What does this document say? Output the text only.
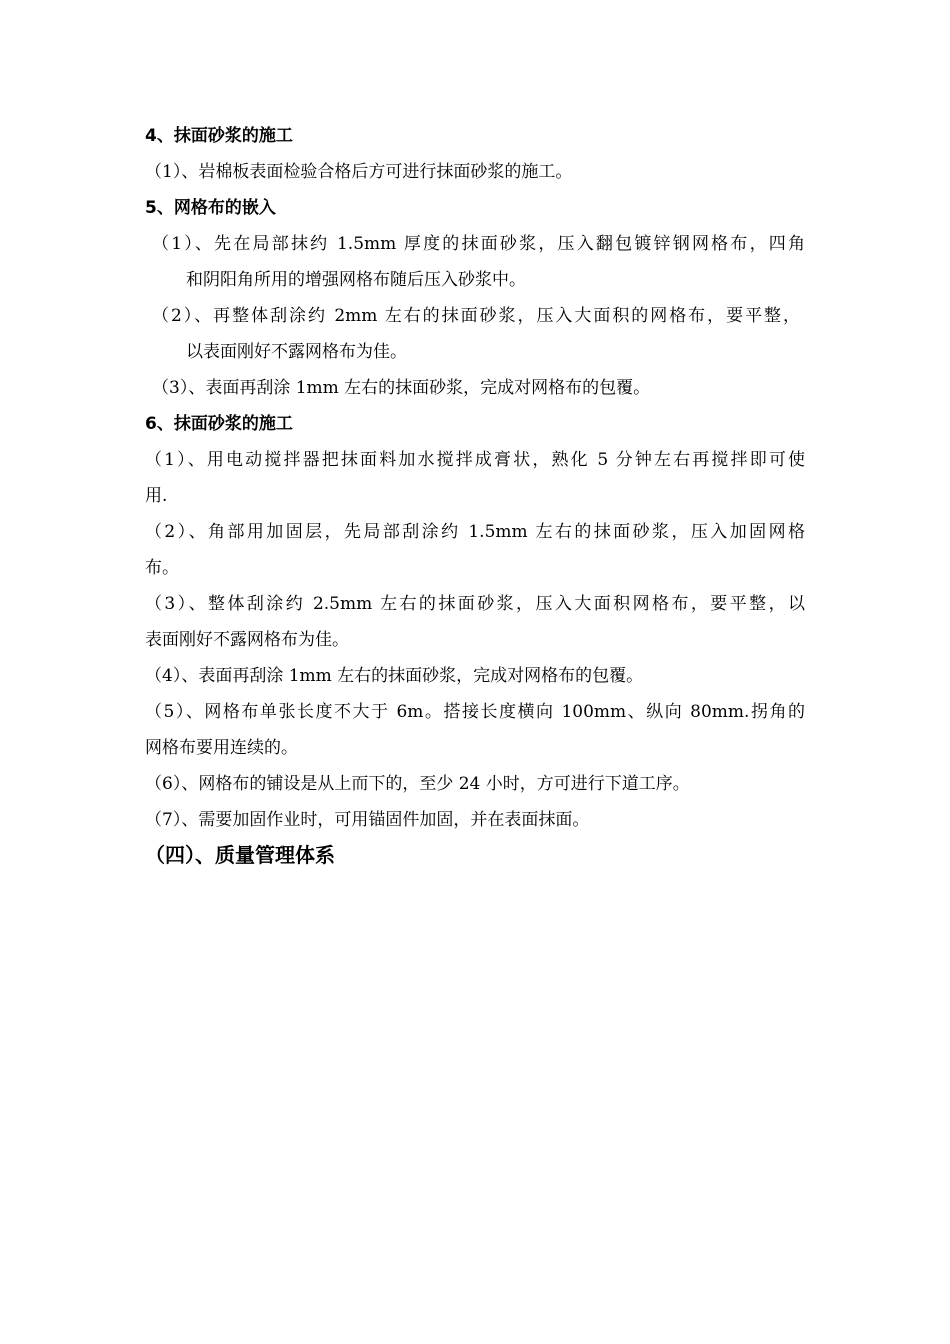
4、抹面砂浆的施工

（1）、岩棉板表面检验合格后方可进行抹面砂浆的施工。

5、网格布的嵌入

（1）、先在局部抹约 1.5mm 厚度的抹面砂浆，压入翻包镀锌钢网格布，四角

和阴阳角所用的增强网格布随后压入砂浆中。

（2）、再整体刮涂约 2mm 左右的抹面砂浆，压入大面积的网格布，要平整，

以表面刚好不露网格布为佳。

（3）、表面再刮涂 1mm 左右的抹面砂浆，完成对网格布的包覆。

6、抹面砂浆的施工

（1）、用电动搅拌器把抹面料加水搅拌成膏状，熟化 5 分钟左右再搅拌即可使

用.

（2）、角部用加固层，先局部刮涂约 1.5mm 左右的抹面砂浆，压入加固网格

布。

（3）、整体刮涂约 2.5mm 左右的抹面砂浆，压入大面积网格布，要平整，以

表面刚好不露网格布为佳。

（4）、表面再刮涂 1mm 左右的抹面砂浆，完成对网格布的包覆。

（5）、网格布单张长度不大于 6m。搭接长度横向 100mm、纵向 80mm.拐角的

网格布要用连续的。

（6）、网格布的铺设是从上而下的，至少 24 小时，方可进行下道工序。

（7）、需要加固作业时，可用锚固件加固，并在表面抹面。

（四）、质量管理体系
